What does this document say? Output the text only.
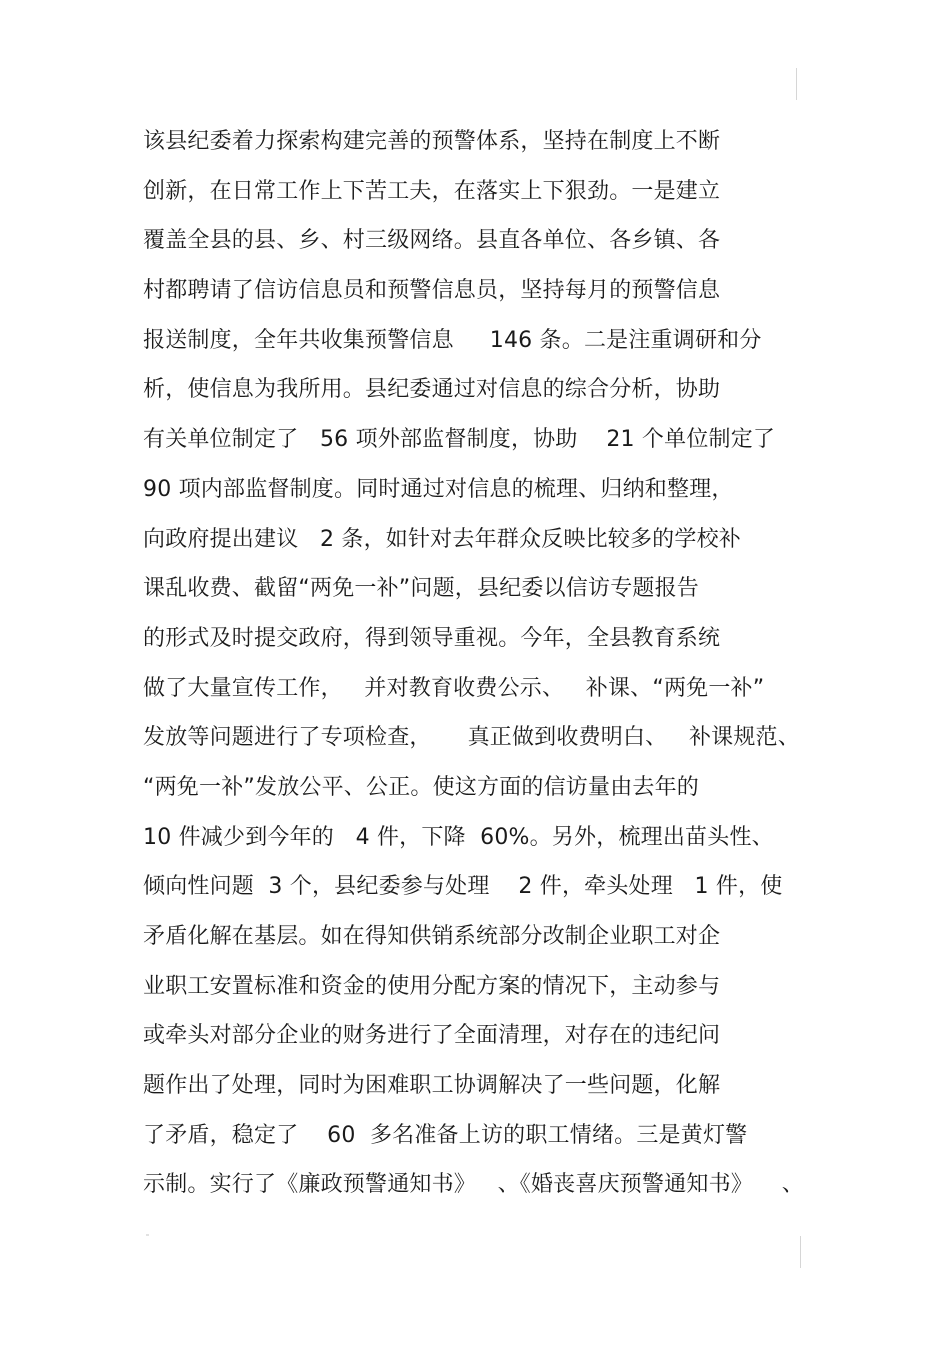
该县纪委着力探索构建完善的预警体系，坚持在制度上不断
创新，在日常工作上下苦工夫，在落实上下狠劲。一是建立
覆盖全县的县、乡、村三级网络。县直各单位、各乡镇、各
村都聘请了信访信息员和预警信息员，坚持每月的预警信息
报送制度，全年共收集预警信息     146 条。二是注重调研和分
析，使信息为我所用。县纪委通过对信息的综合分析，协助
有关单位制定了   56 项外部监督制度，协助    21 个单位制定了
90 项内部监督制度。同时通过对信息的梳理、归纳和整理，
向政府提出建议   2 条，如针对去年群众反映比较多的学校补
课乱收费、截留“两免一补”问题，县纪委以信访专题报告
的形式及时提交政府，得到领导重视。今年，全县教育系统
做了大量宣传工作，   并对教育收费公示、   补课、“两免一补”
发放等问题进行了专项检查，     真正做到收费明白、   补课规范、
“两免一补”发放公平、公正。使这方面的信访量由去年的
10 件减少到今年的   4 件，下降  60%。另外，梳理出苗头性、
倾向性问题  3 个，县纪委参与处理    2 件，牵头处理   1 件，使
矛盾化解在基层。如在得知供销系统部分改制企业职工对企
业职工安置标准和资金的使用分配方案的情况下，主动参与
或牵头对部分企业的财务进行了全面清理，对存在的违纪问
题作出了处理，同时为困难职工协调解决了一些问题，化解
了矛盾，稳定了    60  多名准备上访的职工情绪。三是黄灯警
示制。实行了《廉政预警通知书》   、《婚丧喜庆预警通知书》    、
